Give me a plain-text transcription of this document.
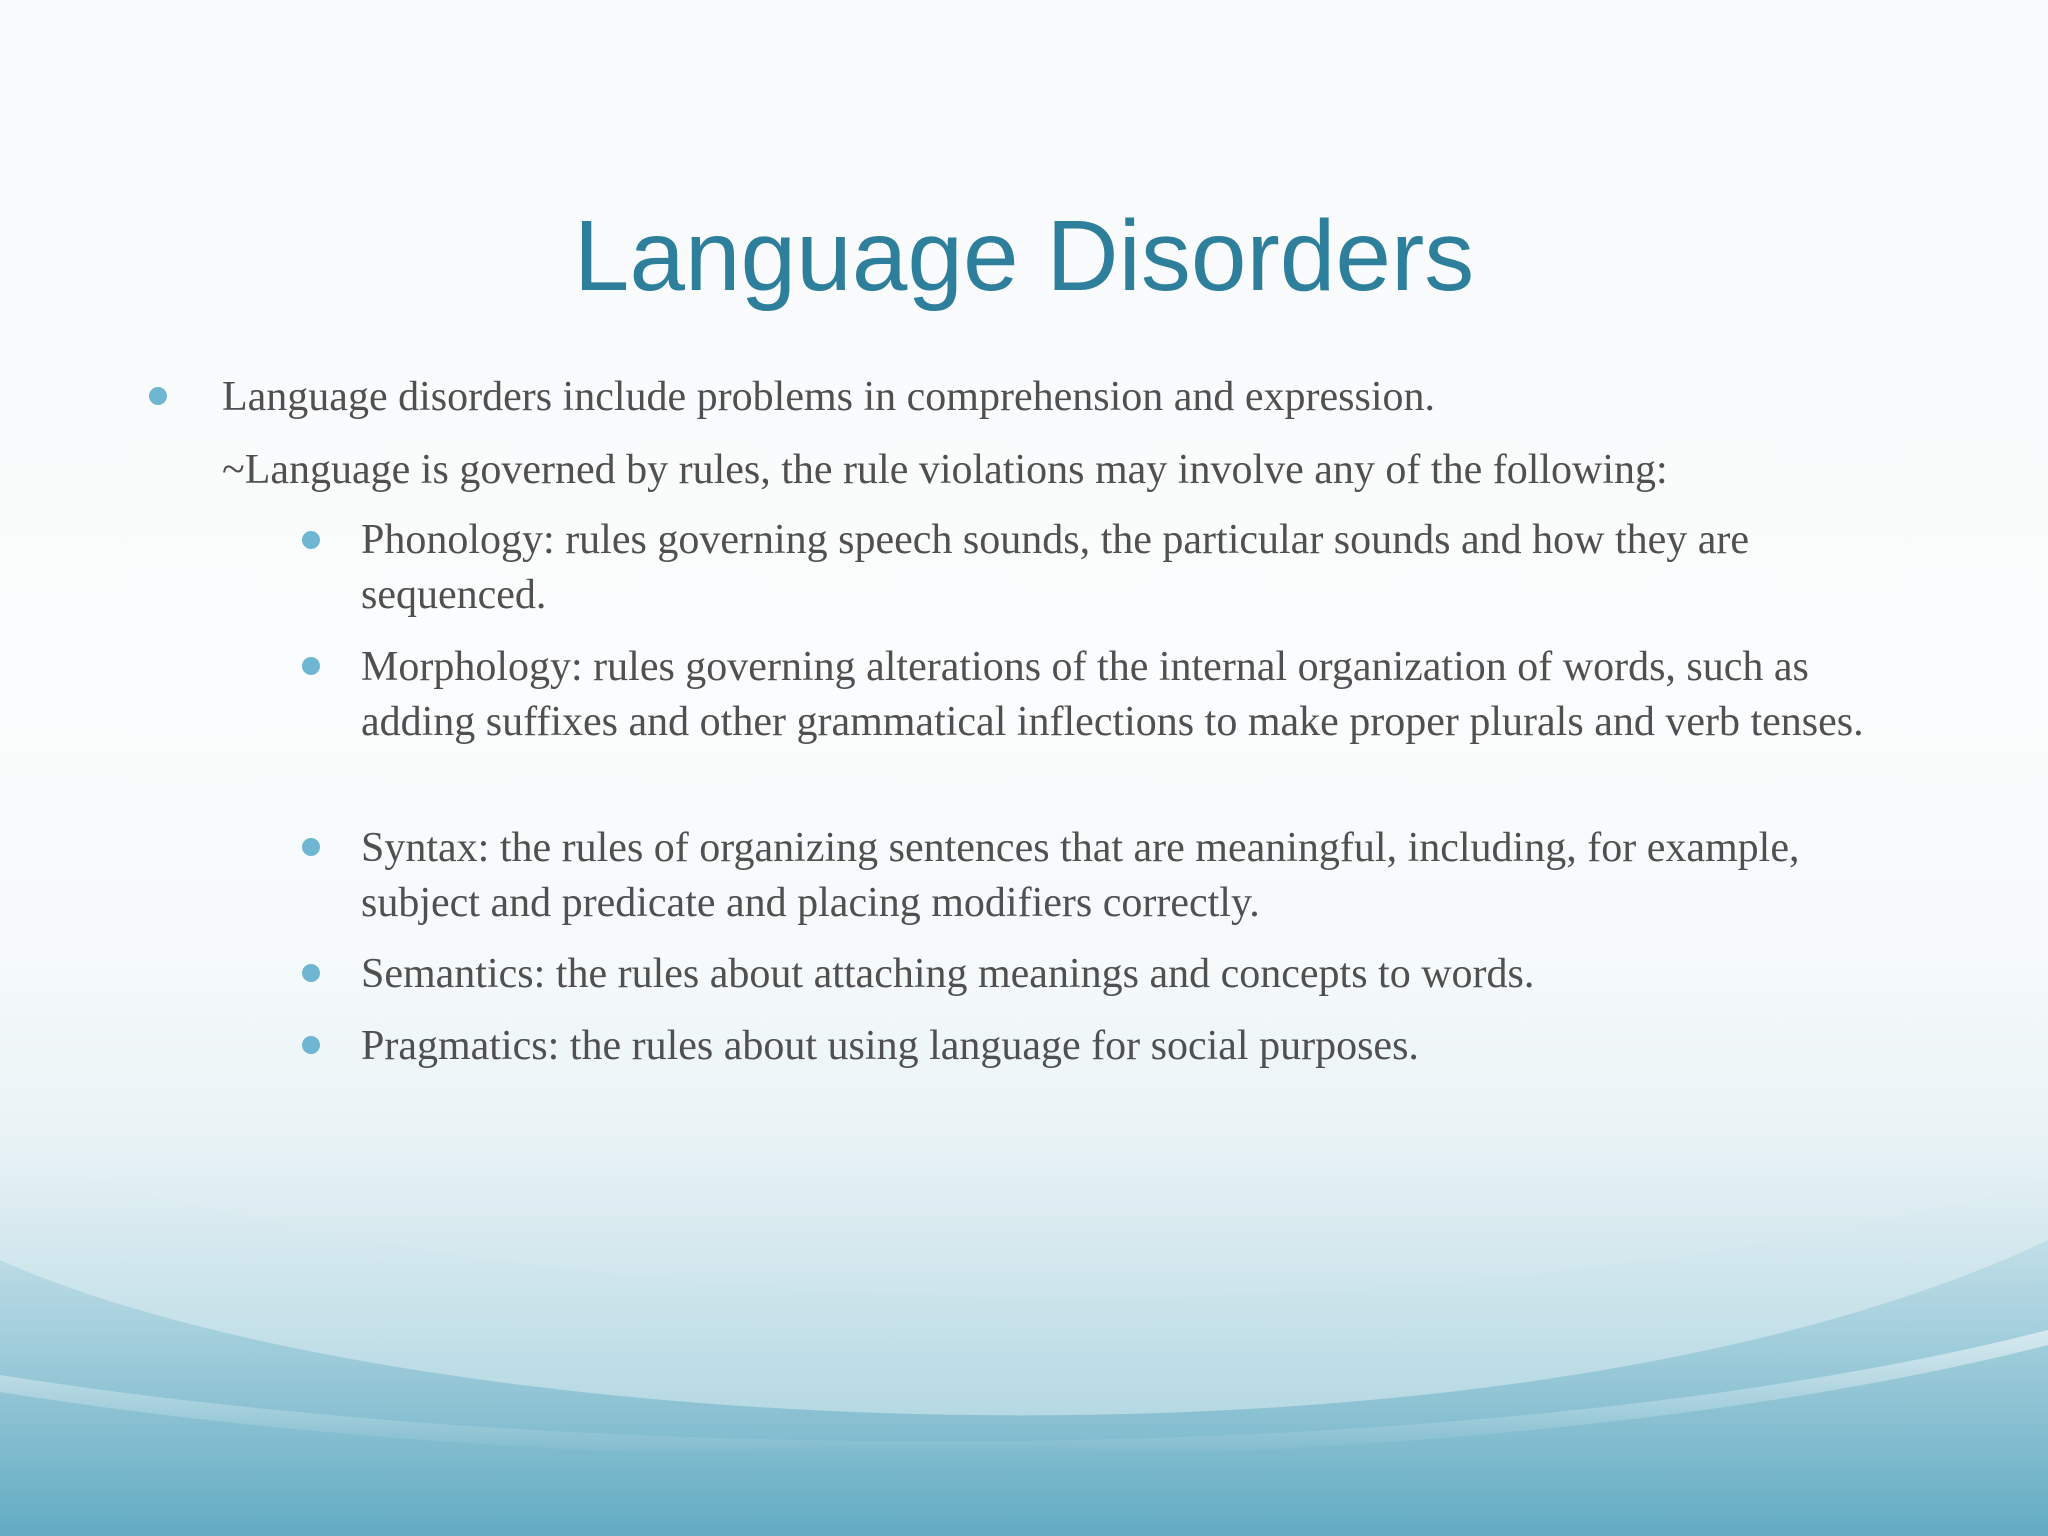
Language Disorders
Language disorders include problems in comprehension and expression.
~Language is governed by rules, the rule violations may involve any of the following:
Phonology: rules governing speech sounds, the particular sounds and how they are sequenced.
Morphology: rules governing alterations of the internal organization of words, such as adding suffixes and other grammatical inflections to make proper plurals and verb tenses.
Syntax: the rules of organizing sentences that are meaningful, including, for example, subject and predicate and placing modifiers correctly.
Semantics: the rules about attaching meanings and concepts to words.
Pragmatics: the rules about using language for social purposes.
